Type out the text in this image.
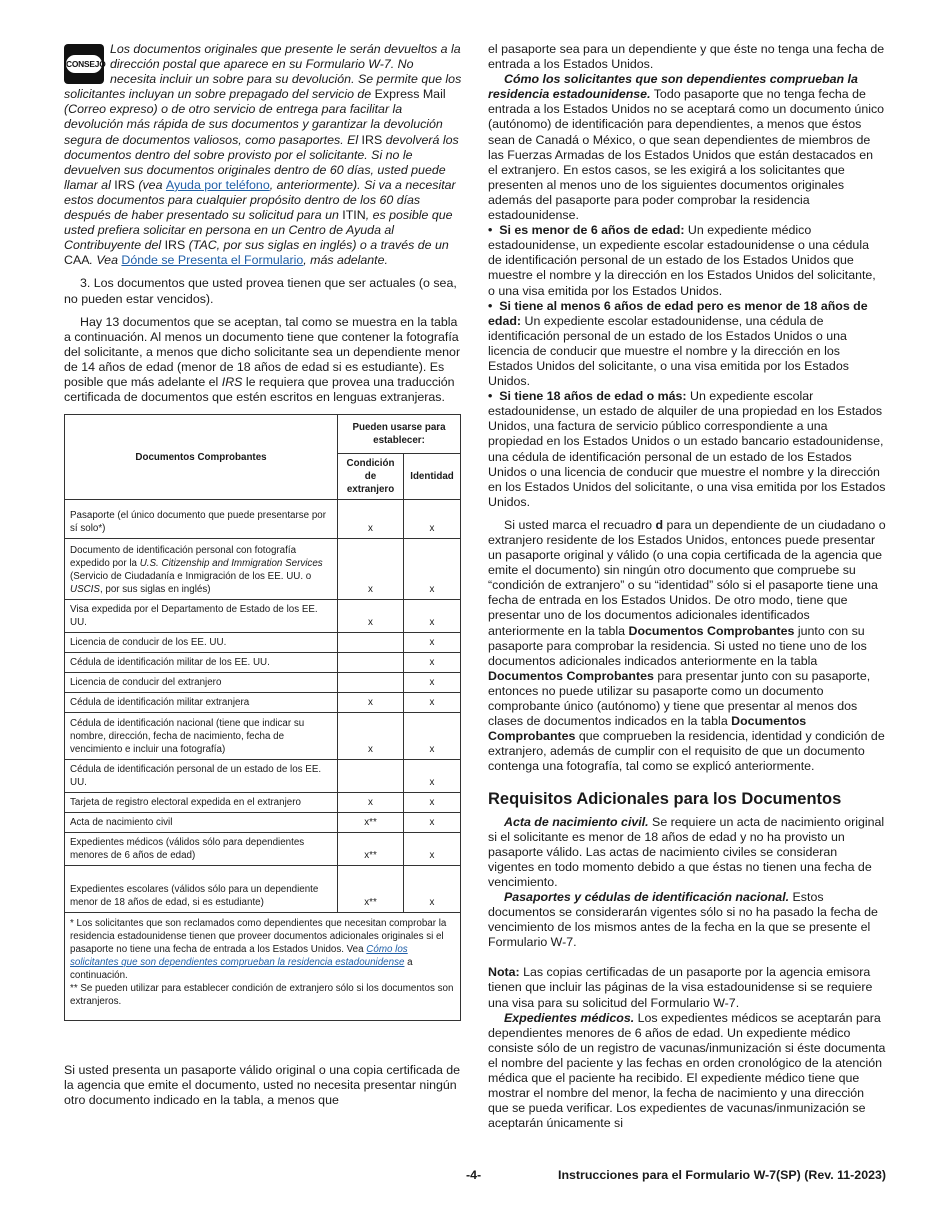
CONSEJO
Los documentos originales que presente le serán devueltos a la dirección postal que aparece en su Formulario W-7. No necesita incluir un sobre para su devolución. Se permite que los solicitantes incluyan un sobre prepagado del servicio de Express Mail (Correo expreso) o de otro servicio de entrega para facilitar la devolución más rápida de sus documentos y garantizar la devolución segura de documentos valiosos, como pasaportes. El IRS devolverá los documentos dentro del sobre provisto por el solicitante. Si no le devuelven sus documentos originales dentro de 60 días, usted puede llamar al IRS (vea Ayuda por teléfono, anteriormente). Si va a necesitar estos documentos para cualquier propósito dentro de los 60 días después de haber presentado su solicitud para un ITIN, es posible que usted prefiera solicitar en persona en un Centro de Ayuda al Contribuyente del IRS (TAC, por sus siglas en inglés) o a través de un CAA. Vea Dónde se Presenta el Formulario, más adelante.

3. Los documentos que usted provea tienen que ser actuales (o sea, no pueden estar vencidos).

Hay 13 documentos que se aceptan, tal como se muestra en la tabla a continuación. Al menos un documento tiene que contener la fotografía del solicitante, a menos que dicho solicitante sea un dependiente menor de 14 años de edad (menor de 18 años de edad si es estudiante). Es posible que más adelante el IRS le requiera que provea una traducción certificada de documentos que estén escritos en lenguas extranjeras.

Documentos Comprobantes	Pueden usarse para establecer:	
	Condición de extranjero	Identidad
Pasaporte (el único documento que puede presentarse por sí solo*)	x	x
Documento de identificación personal con fotografía expedido por la U.S. Citizenship and Immigration Services (Servicio de Ciudadanía e Inmigración de los EE. UU. o USCIS, por sus siglas en inglés)	x	x
Visa expedida por el Departamento de Estado de los EE. UU.	x	x
Licencia de conducir de los EE. UU.		x
Cédula de identificación militar de los EE. UU.		x
Licencia de conducir del extranjero		x
Cédula de identificación militar extranjera	x	x
Cédula de identificación nacional (tiene que indicar su nombre, dirección, fecha de nacimiento, fecha de vencimiento e incluir una fotografía)	x	x
Cédula de identificación personal de un estado de los EE. UU.		x
Tarjeta de registro electoral expedida en el extranjero	x	x
Acta de nacimiento civil	x**	x
Expedientes médicos (válidos sólo para dependientes menores de 6 años de edad)	x**	x
Expedientes escolares (válidos sólo para un dependiente menor de 18 años de edad, si es estudiante)	x**	x

* Los solicitantes que son reclamados como dependientes que necesitan comprobar la residencia estadounidense tienen que proveer documentos adicionales originales si el pasaporte no tiene una fecha de entrada a los Estados Unidos. Vea Cómo los solicitantes que son dependientes comprueban la residencia estadounidense a continuación.
** Se pueden utilizar para establecer condición de extranjero sólo si los documentos son extranjeros.		

Si usted presenta un pasaporte válido original o una copia certificada de la agencia que emite el documento, usted no necesita presentar ningún otro documento indicado en la tabla, a menos que

el pasaporte sea para un dependiente y que éste no tenga una fecha de entrada a los Estados Unidos.

Cómo los solicitantes que son dependientes comprueban la residencia estadounidense. Todo pasaporte que no tenga fecha de entrada a los Estados Unidos no se aceptará como un documento único (autónomo) de identificación para dependientes, a menos que éstos sean de Canadá o México, o que sean dependientes de miembros de las Fuerzas Armadas de los Estados Unidos que están destacados en el extranjero. En estos casos, se les exigirá a los solicitantes que presenten al menos uno de los siguientes documentos originales además del pasaporte para poder comprobar la residencia estadounidense.

•  Si es menor de 6 años de edad: Un expediente médico estadounidense, un expediente escolar estadounidense o una cédula de identificación personal de un estado de los Estados Unidos que muestre el nombre y la dirección en los Estados Unidos del solicitante, o una visa emitida por los Estados Unidos.

•  Si tiene al menos 6 años de edad pero es menor de 18 años de edad: Un expediente escolar estadounidense, una cédula de identificación personal de un estado de los Estados Unidos o una licencia de conducir que muestre el nombre y la dirección en los Estados Unidos del solicitante, o una visa emitida por los Estados Unidos.

•  Si tiene 18 años de edad o más: Un expediente escolar estadounidense, un estado de alquiler de una propiedad en los Estados Unidos, una factura de servicio público correspondiente a una propiedad en los Estados Unidos o un estado bancario estadounidense, una cédula de identificación personal de un estado de los Estados Unidos o una licencia de conducir que muestre el nombre y la dirección en los Estados Unidos del solicitante, o una visa emitida por los Estados Unidos.

Si usted marca el recuadro d para un dependiente de un ciudadano o extranjero residente de los Estados Unidos, entonces puede presentar un pasaporte original y válido (o una copia certificada de la agencia que emite el documento) sin ningún otro documento que compruebe su “condición de extranjero” o su “identidad” sólo si el pasaporte tiene una fecha de entrada en los Estados Unidos. De otro modo, tiene que presentar uno de los documentos adicionales identificados anteriormente en la tabla Documentos Comprobantes junto con su pasaporte para comprobar la residencia. Si usted no tiene uno de los documentos adicionales indicados anteriormente en la tabla Documentos Comprobantes para presentar junto con su pasaporte, entonces no puede utilizar su pasaporte como un documento comprobante único (autónomo) y tiene que presentar al menos dos clases de documentos indicados en la tabla Documentos Comprobantes que comprueben la residencia, identidad y condición de extranjero, además de cumplir con el requisito de que un documento contenga una fotografía, tal como se explicó anteriormente.

Requisitos Adicionales para los Documentos

Acta de nacimiento civil. Se requiere un acta de nacimiento original si el solicitante es menor de 18 años de edad y no ha provisto un pasaporte válido. Las actas de nacimiento civiles se consideran vigentes en todo momento debido a que éstas no tienen una fecha de vencimiento.

Pasaportes y cédulas de identificación nacional. Estos documentos se considerarán vigentes sólo si no ha pasado la fecha de vencimiento de los mismos antes de la fecha en la que se presente el Formulario W-7.

Nota: Las copias certificadas de un pasaporte por la agencia emisora tienen que incluir las páginas de la visa estadounidense si se requiere una visa para su solicitud del Formulario W-7.

Expedientes médicos. Los expedientes médicos se aceptarán para dependientes menores de 6 años de edad. Un expediente médico consiste sólo de un registro de vacunas/inmunización si éste documenta el nombre del paciente y las fechas en orden cronológico de la atención médica que el paciente ha recibido. El expediente médico tiene que mostrar el nombre del menor, la fecha de nacimiento y una dirección que se pueda verificar. Los expedientes de vacunas/inmunización se aceptarán únicamente si

-4-	Instrucciones para el Formulario W-7(SP) (Rev. 11-2023)
